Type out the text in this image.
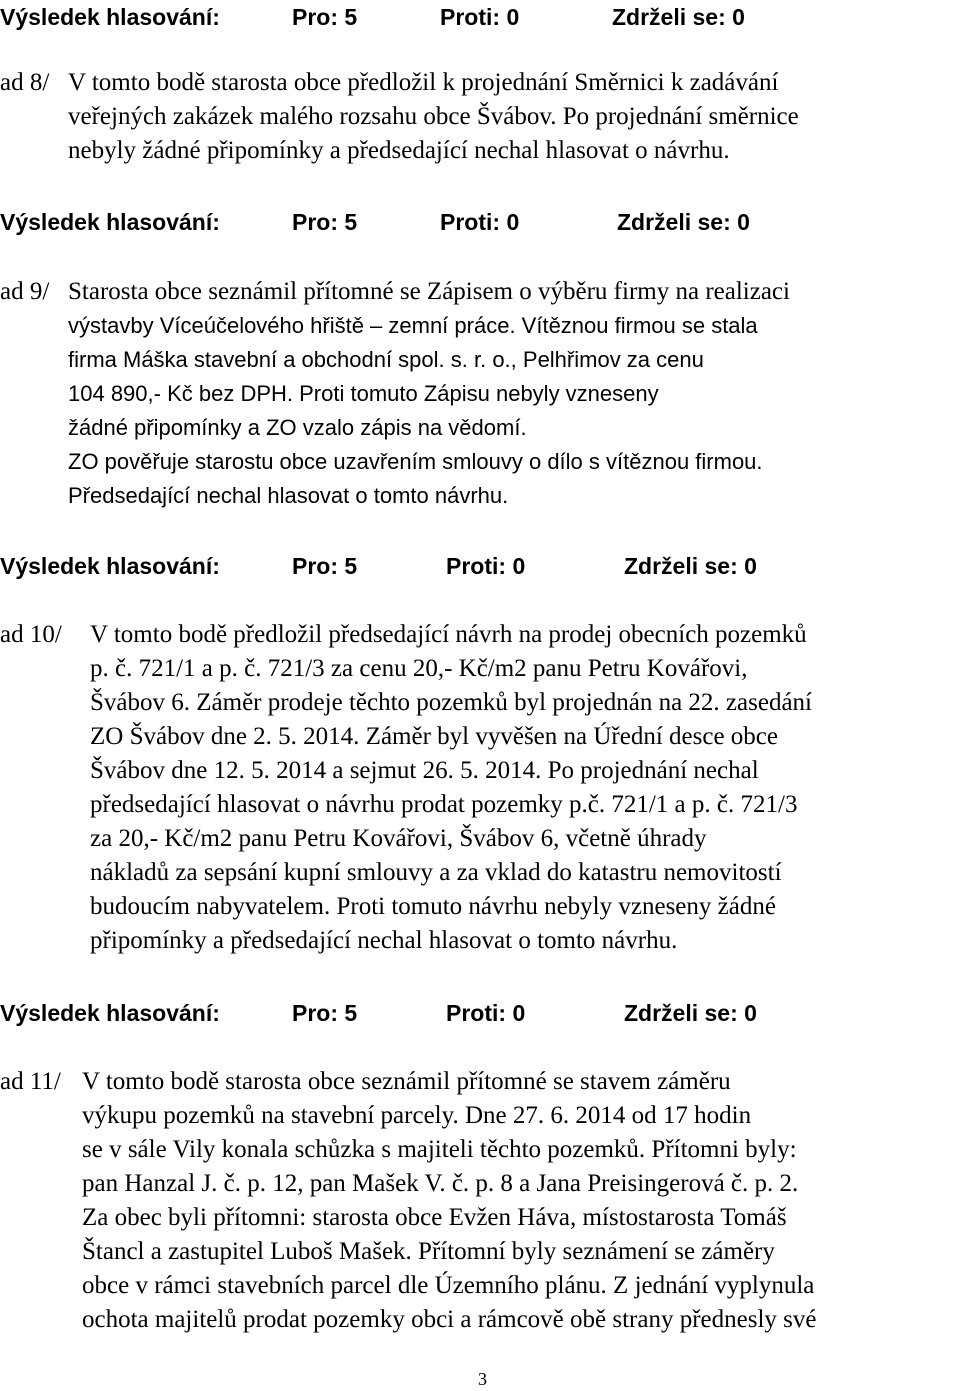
Výsledek hlasování:	Pro: 5	Proti: 0	Zdrželi se: 0
ad 8/ V tomto bodě starosta obce předložil k projednání Směrnici k zadávání
veřejných zakázek malého rozsahu obce Švábov. Po projednání směrnice
nebyly žádné připomínky a předsedající nechal hlasovat o návrhu.
Výsledek hlasování:	Pro: 5	Proti: 0	Zdrželi se: 0
ad 9/ Starosta obce seznámil přítomné se Zápisem o výběru firmy na realizaci
výstavby Víceúčelového hřiště – zemní práce. Vítěznou firmou se stala
firma Máška stavební a obchodní spol. s. r. o., Pelhřimov za cenu
104 890,- Kč bez DPH. Proti tomuto Zápisu nebyly vzneseny
žádné připomínky a ZO vzalo zápis na vědomí.
ZO pověřuje starostu obce uzavřením smlouvy o dílo s vítěznou firmou.
Předsedající nechal hlasovat o tomto návrhu.
Výsledek hlasování:	Pro: 5	Proti: 0	Zdrželi se: 0
ad 10/ V tomto bodě předložil předsedající návrh na prodej obecních pozemků
p. č. 721/1 a p. č. 721/3 za cenu 20,- Kč/m2 panu Petru Kovářovi,
Švábov 6. Záměr prodeje těchto pozemků byl projednán na 22. zasedání
ZO Švábov dne 2. 5. 2014. Záměr byl vyvěšen na Úřední desce obce
Švábov dne 12. 5. 2014 a sejmut 26. 5. 2014. Po projednání nechal
předsedající hlasovat o návrhu prodat pozemky p.č. 721/1 a p. č. 721/3
za 20,- Kč/m2 panu Petru Kovářovi, Švábov 6, včetně úhrady
nákladů za sepsání kupní smlouvy a za vklad do katastru nemovitostí
budoucím nabyvatelem. Proti tomuto návrhu nebyly vzneseny žádné
připomínky a předsedající nechal hlasovat o tomto návrhu.
Výsledek hlasování:	Pro: 5	Proti: 0	Zdrželi se: 0
ad 11/ V tomto bodě starosta obce seznámil přítomné se stavem záměru
výkupu pozemků na stavební parcely. Dne 27. 6. 2014 od 17 hodin
se v sále Vily konala schůzka s majiteli těchto pozemků. Přítomni byly:
pan Hanzal J. č. p. 12, pan Mašek V. č. p. 8 a Jana Preisingerová č. p. 2.
Za obec byli přítomni: starosta obce Evžen Háva, místostarosta Tomáš
Štancl a zastupitel Luboš Mašek. Přítomní byly seznámení se záměry
obce v rámci stavebních parcel dle Územního plánu. Z jednání vyplynula
ochota majitelů prodat pozemky obci a rámcově obě strany přednesly své
3
